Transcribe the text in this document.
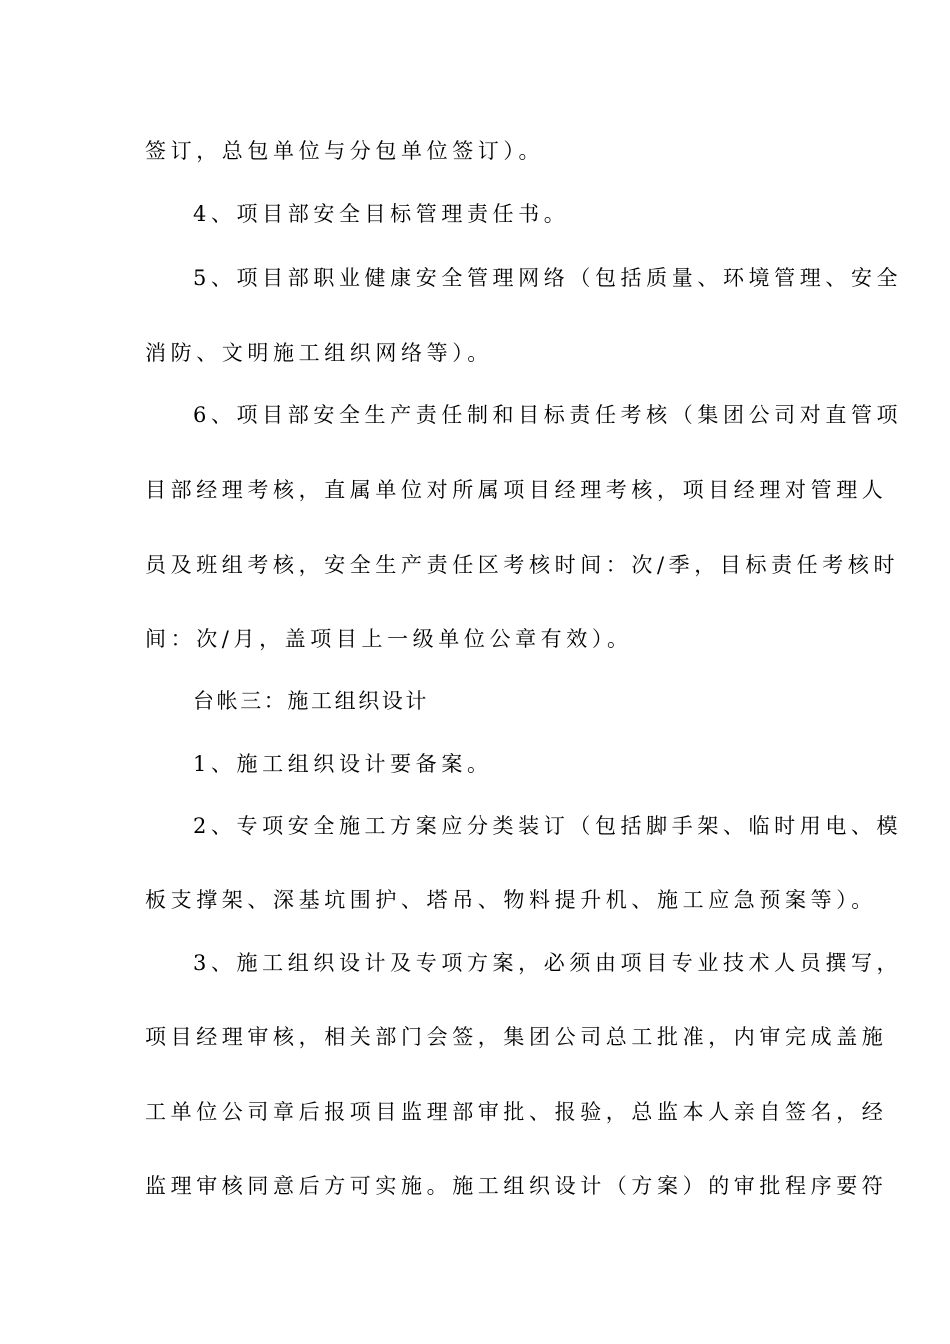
签订，总包单位与分包单位签订）。
4、项目部安全目标管理责任书。
5、项目部职业健康安全管理网络（包括质量、环境管理、安全
消防、文明施工组织网络等）。
6、项目部安全生产责任制和目标责任考核（集团公司对直管项
目部经理考核，直属单位对所属项目经理考核，项目经理对管理人
员及班组考核，安全生产责任区考核时间：次/季，目标责任考核时
间：次/月，盖项目上一级单位公章有效）。
台帐三：施工组织设计
1、施工组织设计要备案。
2、专项安全施工方案应分类装订（包括脚手架、临时用电、模
板支撑架、深基坑围护、塔吊、物料提升机、施工应急预案等）。
3、施工组织设计及专项方案，必须由项目专业技术人员撰写，
项目经理审核，相关部门会签，集团公司总工批准，内审完成盖施
工单位公司章后报项目监理部审批、报验，总监本人亲自签名，经
监理审核同意后方可实施。施工组织设计（方案）的审批程序要符
